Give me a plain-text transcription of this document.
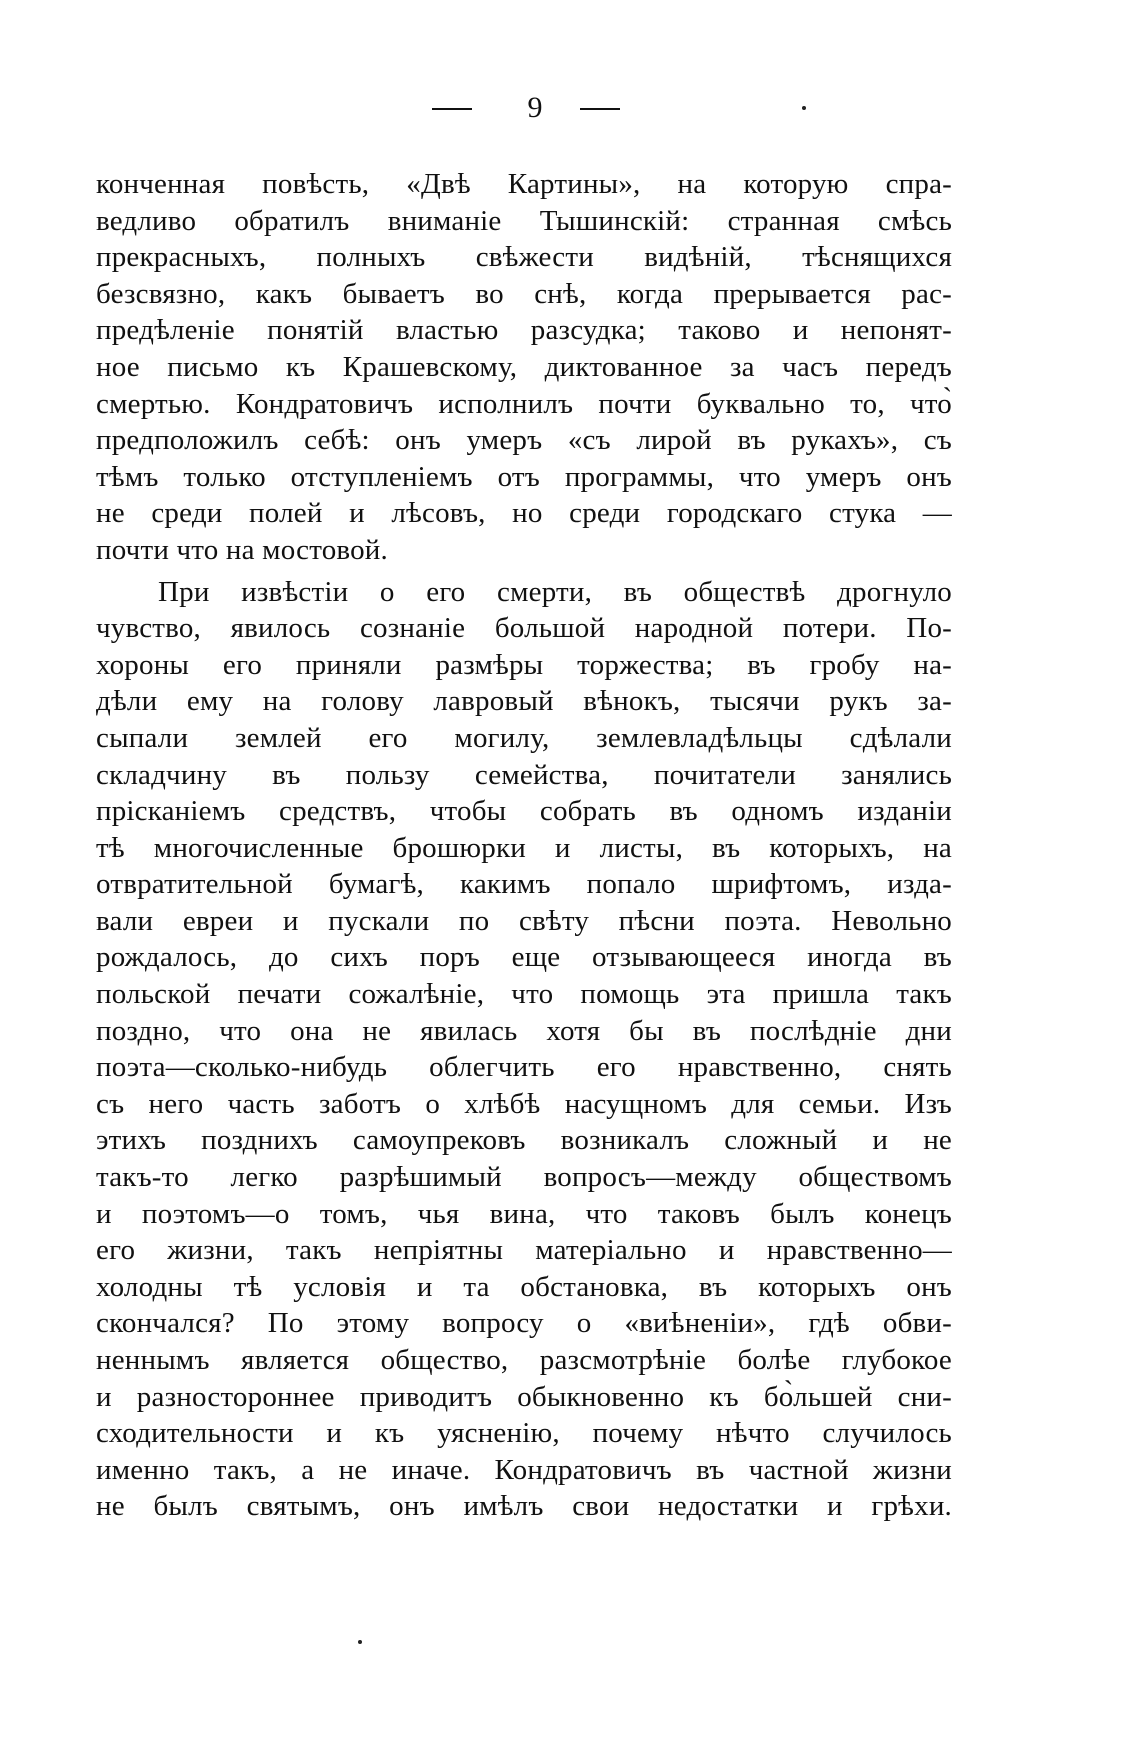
9
конченная повѣсть, «Двѣ Картины», на которую спра-
ведливо обратилъ вниманіе Тышинскій: странная смѣсь
прекрасныхъ, полныхъ свѣжести видѣній, тѣснящихся
безсвязно, какъ бываетъ во снѣ, когда прерывается рас-
предѣленіе понятій властью разсудка; таково и непонят-
ное письмо къ Крашевскому, диктованное за часъ передъ
смертью. Кондратовичъ исполнилъ почти буквально то, что̀
предположилъ себѣ: онъ умеръ «съ лирой въ рукахъ», съ
тѣмъ только отступленіемъ отъ программы, что умеръ онъ
не среди полей и лѣсовъ, но среди городскаго стука —
почти что на мостовой.
При извѣстіи о его смерти, въ обществѣ дрогнуло
чувство, явилось сознаніе большой народной потери. По-
хороны его приняли размѣры торжества; въ гробу на-
дѣли ему на голову лавровый вѣнокъ, тысячи рукъ за-
сыпали землей его могилу, землевладѣльцы сдѣлали
складчину въ пользу семейства, почитатели занялись
прісканіемъ средствъ, чтобы собрать въ одномъ изданіи
тѣ многочисленные брошюрки и листы, въ которыхъ, на
отвратительной бумагѣ, какимъ попало шрифтомъ, изда-
вали евреи и пускали по свѣту пѣсни поэта. Невольно
рождалось, до сихъ поръ еще отзывающееся иногда въ
польской печати сожалѣніе, что помощь эта пришла такъ
поздно, что она не явилась хотя бы въ послѣдніе дни
поэта—сколько-нибудь облегчить его нравственно, снять
съ него часть заботъ о хлѣбѣ насущномъ для семьи. Изъ
этихъ позднихъ самоупрековъ возникалъ сложный и не
такъ-то легко разрѣшимый вопросъ—между обществомъ
и поэтомъ—о томъ, чья вина, что таковъ былъ конецъ
его жизни, такъ непріятны матеріально и нравственно—
холодны тѣ условія и та обстановка, въ которыхъ онъ
скончался? По этому вопросу о «виѣненіи», гдѣ обви-
неннымъ является общество, разсмотрѣніе болѣе глубокое
и разностороннее приводитъ обыкновенно къ бо̀льшей сни-
сходительности и къ уясненію, почему нѣчто случилось
именно такъ, а не иначе. Кондратовичъ въ частной жизни
не былъ святымъ, онъ имѣлъ свои недостатки и грѣхи.
